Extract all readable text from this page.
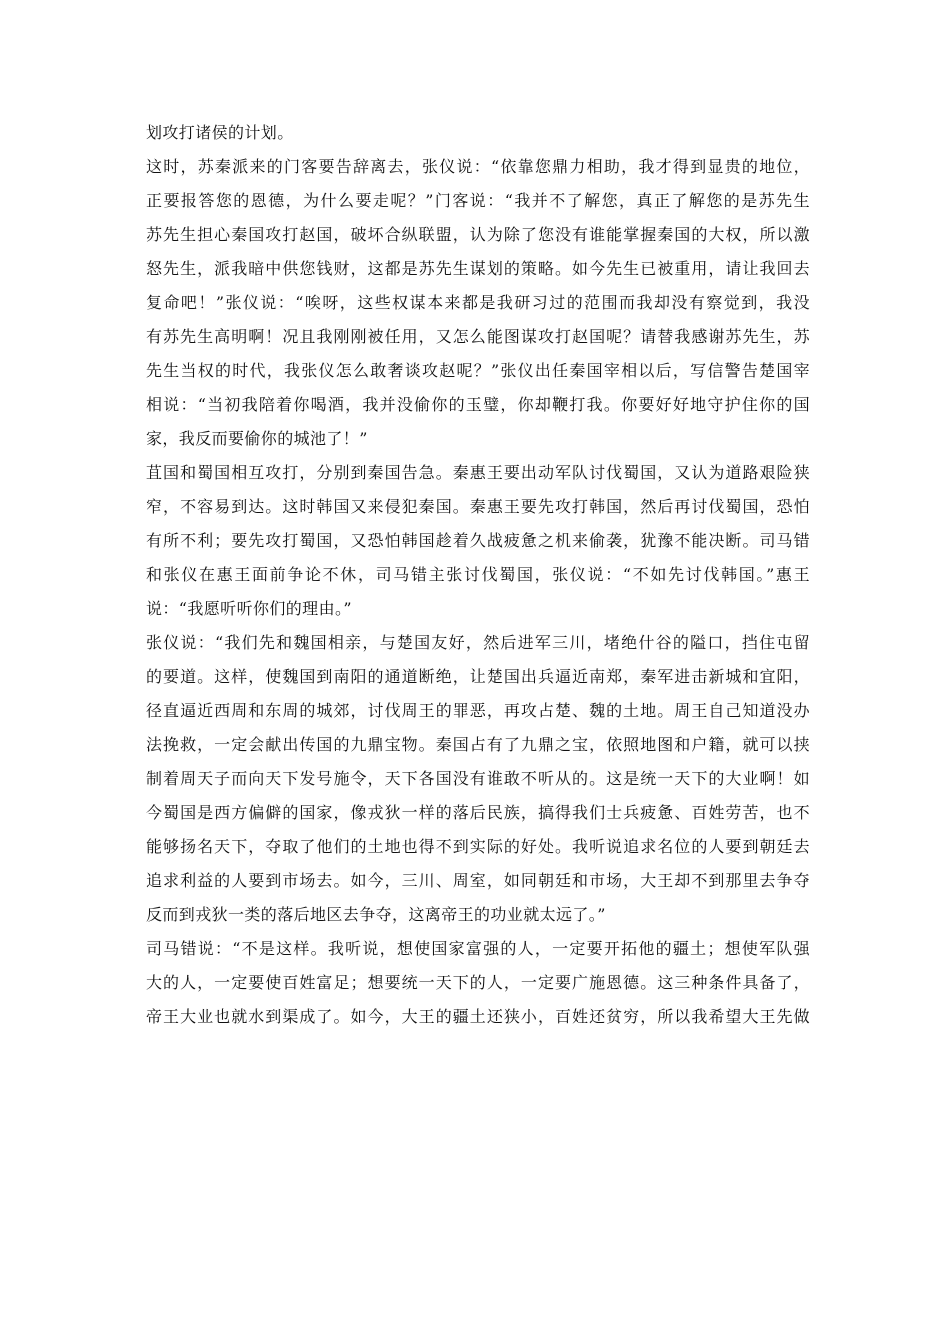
划攻打诸侯的计划。
这时，苏秦派来的门客要告辞离去，张仪说：“依靠您鼎力相助，我才得到显贵的地位，
正要报答您的恩德，为什么要走呢？”门客说：“我并不了解您，真正了解您的是苏先生
苏先生担心秦国攻打赵国，破坏合纵联盟，认为除了您没有谁能掌握秦国的大权，所以激
怒先生，派我暗中供您钱财，这都是苏先生谋划的策略。如今先生已被重用，请让我回去
复命吧！”张仪说：“唉呀，这些权谋本来都是我研习过的范围而我却没有察觉到，我没
有苏先生高明啊！况且我刚刚被任用，又怎么能图谋攻打赵国呢？请替我感谢苏先生，苏
先生当权的时代，我张仪怎么敢奢谈攻赵呢？”张仪出任秦国宰相以后，写信警告楚国宰
相说：“当初我陪着你喝酒，我并没偷你的玉璧，你却鞭打我。你要好好地守护住你的国
家，我反而要偷你的城池了！”
苴国和蜀国相互攻打，分别到秦国告急。秦惠王要出动军队讨伐蜀国，又认为道路艰险狭
窄，不容易到达。这时韩国又来侵犯秦国。秦惠王要先攻打韩国，然后再讨伐蜀国，恐怕
有所不利；要先攻打蜀国，又恐怕韩国趁着久战疲惫之机来偷袭，犹豫不能决断。司马错
和张仪在惠王面前争论不休，司马错主张讨伐蜀国，张仪说：“不如先讨伐韩国。”惠王
说：“我愿听听你们的理由。”
张仪说：“我们先和魏国相亲，与楚国友好，然后进军三川，堵绝什谷的隘口，挡住屯留
的要道。这样，使魏国到南阳的通道断绝，让楚国出兵逼近南郑，秦军进击新城和宜阳，
径直逼近西周和东周的城郊，讨伐周王的罪恶，再攻占楚、魏的土地。周王自己知道没办
法挽救，一定会献出传国的九鼎宝物。秦国占有了九鼎之宝，依照地图和户籍，就可以挟
制着周天子而向天下发号施令，天下各国没有谁敢不听从的。这是统一天下的大业啊！如
今蜀国是西方偏僻的国家，像戎狄一样的落后民族，搞得我们士兵疲惫、百姓劳苦，也不
能够扬名天下，夺取了他们的土地也得不到实际的好处。我听说追求名位的人要到朝廷去
追求利益的人要到市场去。如今，三川、周室，如同朝廷和市场，大王却不到那里去争夺
反而到戎狄一类的落后地区去争夺，这离帝王的功业就太远了。”
司马错说：“不是这样。我听说，想使国家富强的人，一定要开拓他的疆土；想使军队强
大的人，一定要使百姓富足；想要统一天下的人，一定要广施恩德。这三种条件具备了，
帝王大业也就水到渠成了。如今，大王的疆土还狭小，百姓还贫穷，所以我希望大王先做
